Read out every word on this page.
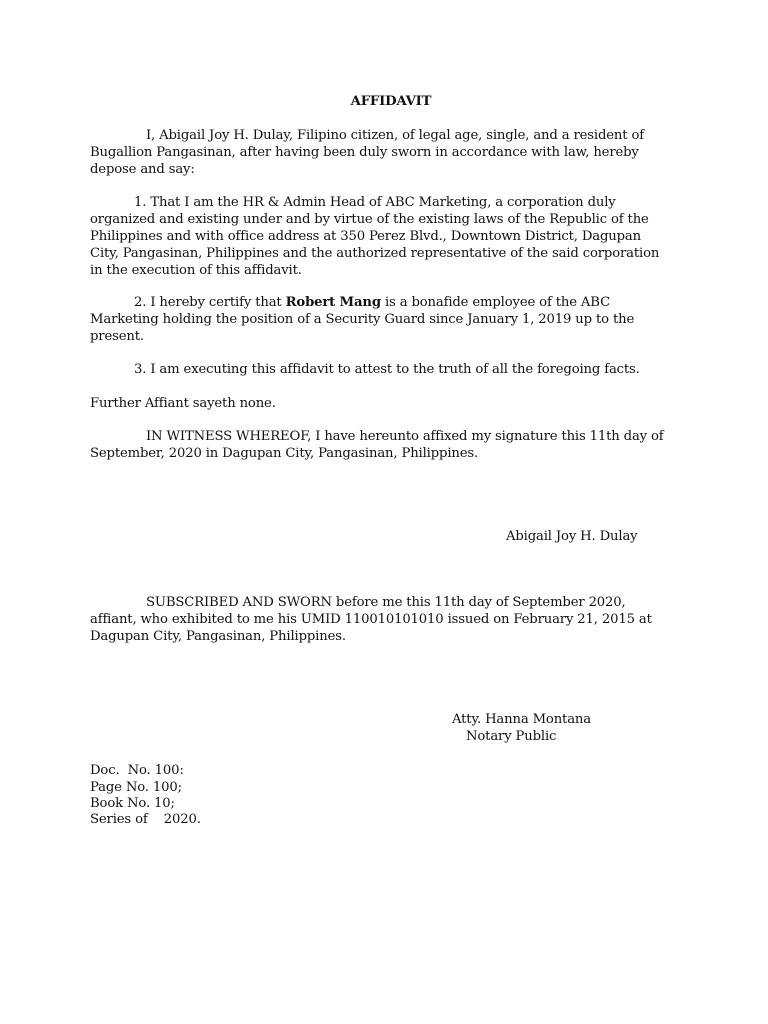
AFFIDAVIT

I, Abigail Joy H. Dulay, Filipino citizen, of legal age, single, and a resident of Bugallion Pangasinan, after having been duly sworn in accordance with law, hereby depose and say:

1. That I am the HR & Admin Head of ABC Marketing, a corporation duly organized and existing under and by virtue of the existing laws of the Republic of the Philippines and with office address at 350 Perez Blvd., Downtown District, Dagupan City, Pangasinan, Philippines and the authorized representative of the said corporation in the execution of this affidavit.

2. I hereby certify that Robert Mang is a bonafide employee of the ABC Marketing holding the position of a Security Guard since January 1, 2019 up to the present.

3. I am executing this affidavit to attest to the truth of all the foregoing facts.

Further Affiant sayeth none.

IN WITNESS WHEREOF, I have hereunto affixed my signature this 11th day of September, 2020 in Dagupan City, Pangasinan, Philippines.

Abigail Joy H. Dulay

SUBSCRIBED AND SWORN before me this 11th day of September 2020, affiant, who exhibited to me his UMID 110010101010 issued on February 21, 2015 at Dagupan City, Pangasinan, Philippines.

Atty. Hanna Montana
Notary Public
Doc.  No. 100:
Page No. 100;
Book No. 10;
Series of    2020.
